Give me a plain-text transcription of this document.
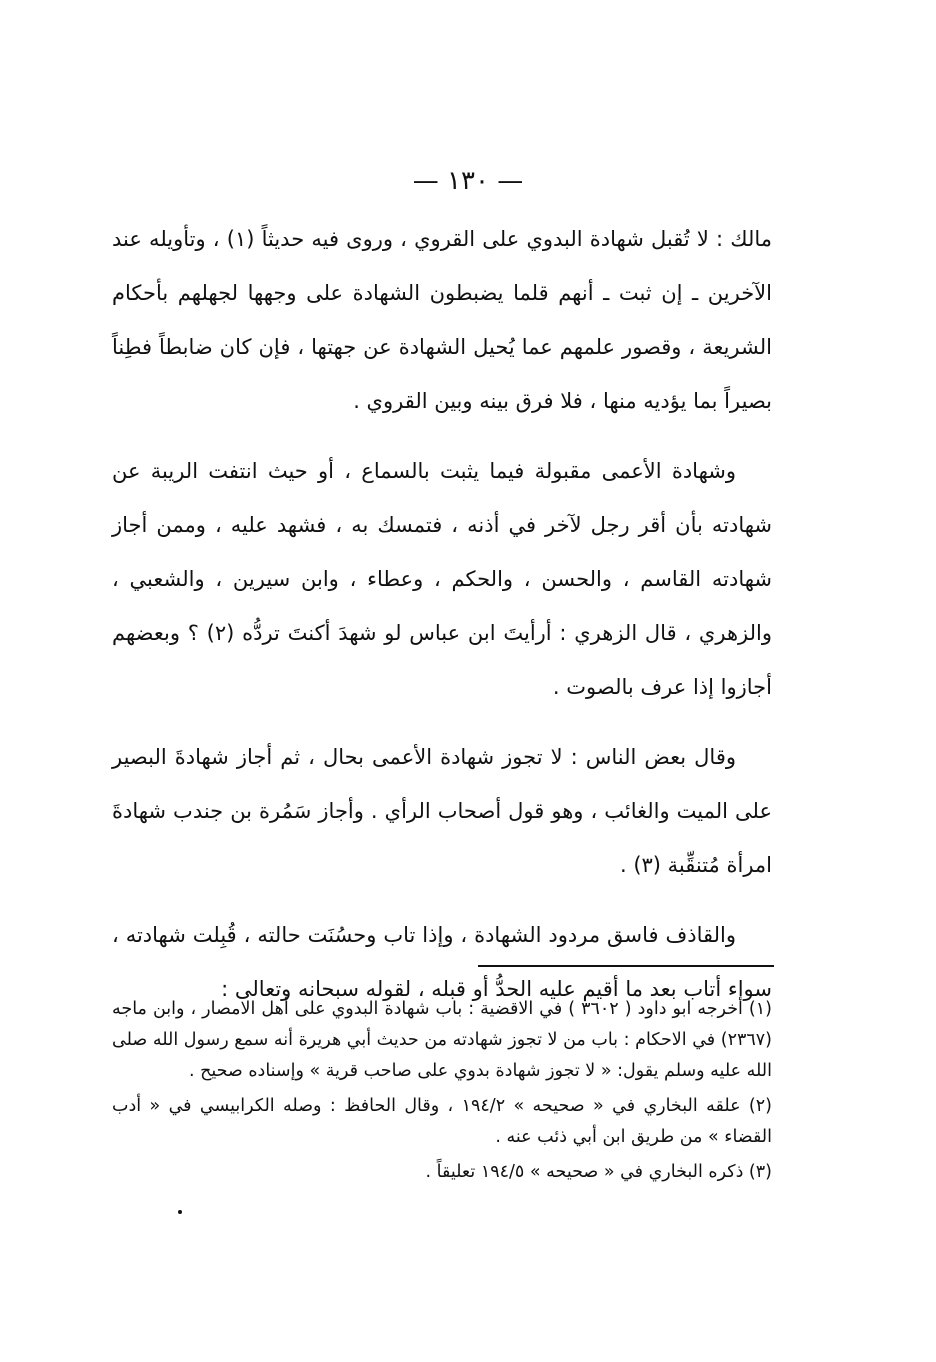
— ١٣٠ —

مالك : لا تُقبل شهادة البدوي على القروي ، وروى فيه حديثاً (١) ، وتأويله عند الآخرين ـ إن ثبت ـ أنهم قلما يضبطون الشهادة على وجهها لجهلهم بأحكام الشريعة ، وقصور علمهم عما يُحيل الشهادة عن جهتها ، فإن كان ضابطاً فطِناً بصيراً بما يؤديه منها ، فلا فرق بينه وبين القروي .

وشهادة الأعمى مقبولة فيما يثبت بالسماع ، أو حيث انتفت الريبة عن شهادته بأن أقر رجل لآخر في أذنه ، فتمسك به ، فشهد عليه ، وممن أجاز شهادته القاسم ، والحسن ، والحكم ، وعطاء ، وابن سيرين ، والشعبي ، والزهري ، قال الزهري : أرأيتَ ابن عباس لو شهدَ أكنتَ تردُّه (٢) ؟ وبعضهم أجازوا إذا عرف بالصوت .

وقال بعض الناس : لا تجوز شهادة الأعمى بحال ، ثم أجاز شهادةَ البصير على الميت والغائب ، وهو قول أصحاب الرأي . وأجاز سَمُرة بن جندب شهادةَ امرأة مُتنقِّبة (٣) .

والقاذف فاسق مردود الشهادة ، وإذا تاب وحسُنَت حالته ، قُبِلت شهادته ، سواء أتاب بعد ما أقيم عليه الحدُّ أو قبله ، لقوله سبحانه وتعالى :

(١) أخرجه ابو داود ( ٣٦٠٢ ) في الاقضية : باب شهادة البدوي على أهل الامصار ، وابن ماجه (٢٣٦٧) في الاحكام : باب من لا تجوز شهادته من حديث أبي هريرة أنه سمع رسول الله صلى الله عليه وسلم يقول: « لا تجوز شهادة بدوي على صاحب قرية » وإسناده صحيح .

(٢) علقه البخاري في « صحيحه » ١٩٤/٢ ، وقال الحافظ : وصله الكرابيسي في « أدب القضاء » من طريق ابن أبي ذئب عنه .

(٣) ذكره البخاري في « صحيحه » ١٩٤/٥ تعليقاً .
